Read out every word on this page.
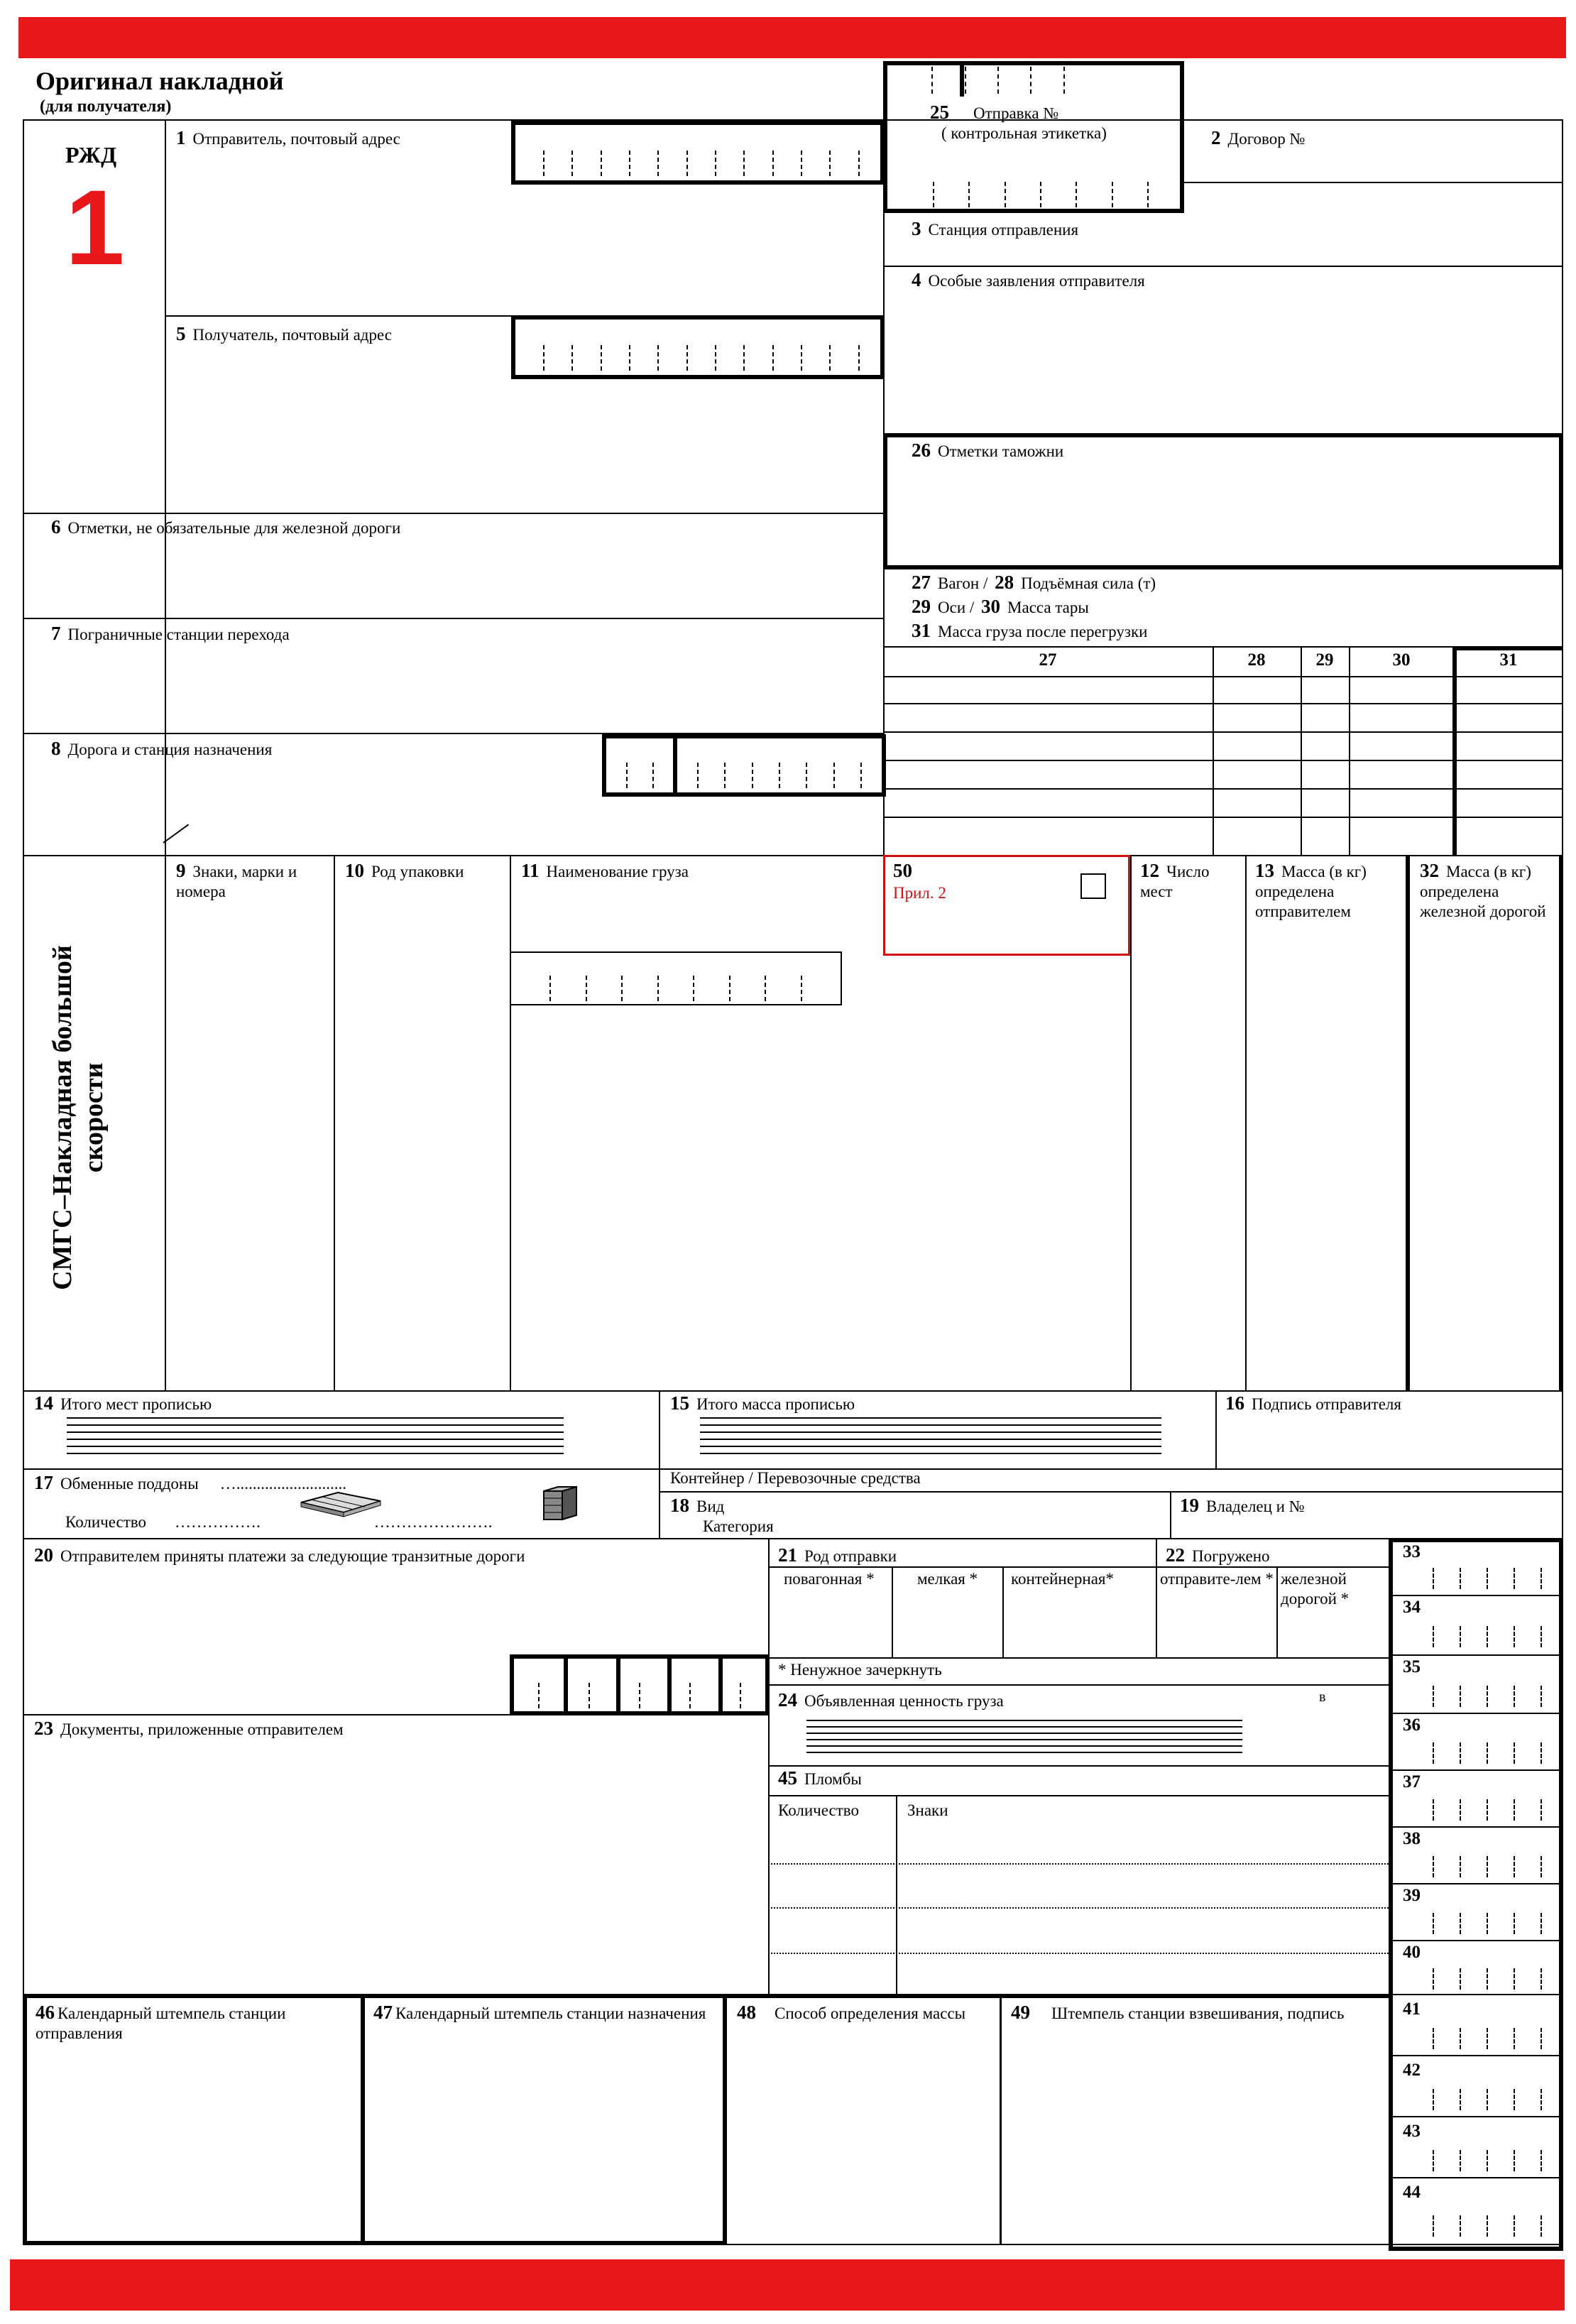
Оригинал накладной
(для получателя)
РЖД
1
1 Отправитель, почтовый адрес
5 Получатель, почтовый адрес
6 Отметки, не обязательные для железной дороги
7 Пограничные станции перехода
8 Дорога и станция назначения
25 Отправка №
( контрольная этикетка)	2 Договор №
3 Станция отправления
4 Особые заявления отправителя
26 Отметки таможни
27 Вагон / 28 Подъёмная сила (т)
29 Оси / 30 Масса тары
31 Масса груза после перегрузки
27	28	29	30	31
СМГС–Накладная большой
скорости
9 Знаки, марки и номера
10 Род упаковки	11 Наименование груза	50
Прил. 2
12 Число мест
13 Масса (в кг) определена отправителем
32 Масса (в кг) определена железной дорогой
14 Итого мест прописью	15 Итого масса прописью	16 Подпись отправителя
17 Обменные поддоны …...........................
Количество …………….	………………….
Контейнер / Перевозочные средства
18 Вид
Категория
19 Владелец и №
20 Отправителем приняты платежи за следующие транзитные дороги	21 Род отправки
повагонная *	мелкая * контейнерная*
22 Погружено
отправите-лем * железной дорогой *
* Ненужное зачеркнуть
23 Документы, приложенные отправителем
24 Объявленная ценность груза	в
45 Пломбы
Количество	Знаки
33
34
35
36
37
38
39
40
41
42
43
44
46 Календарный штемпель станции отправления
47 Календарный штемпель станции назначения 48 Способ определения массы 49 Штемпель станции взвешивания, подпись
